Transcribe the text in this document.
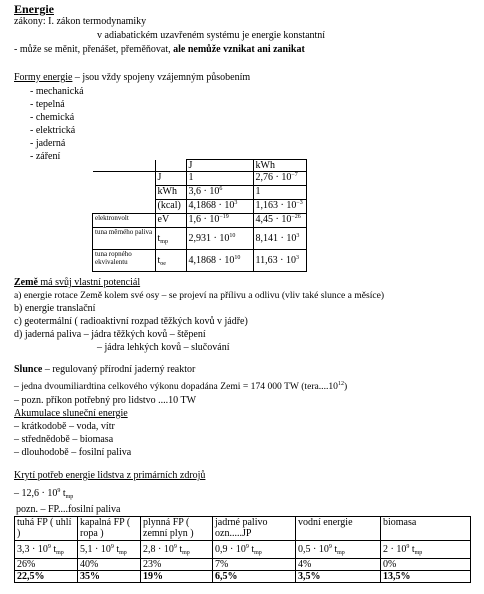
Energie
zákony: I. zákon termodynamiky
v adiabatickém uzavřeném systému je energie konstantní
- může se měnit, přenášet, přeměňovat, ale nemůže vznikat ani zanikat
Formy energie – jsou vždy spojeny vzájemným působením
- mechanická
- tepelná
- chemická
- elektrická
- jaderná
- záření
		J	kWh
	J	1	$2,76 \cdot 10^{-7}$
	kWh	$3,6 \cdot 10^6$	1
	(kcal)	$4,1868 \cdot 10^3$	$1,163 \cdot 10^{-3}$
elektronvolt	eV	$1,6 \cdot 10^{-19}$	$4,45 \cdot 10^{-26}$
tuna měrného paliva	$t_{mp}$	$2,931 \cdot 10^{10}$	$8,141 \cdot 10^3$
tuna ropného ekvivalentu	$t_{oe}$	$4,1868 \cdot 10^{10}$	$11,63 \cdot 10^3$
Země má svůj vlastní potenciál
a) energie rotace Země kolem své osy – se projeví na přílivu a odlivu (vliv také slunce a měsíce)
b) energie translační
c) geotermální ( radioaktivní rozpad těžkých kovů v jádře)
d) jaderná paliva – jádra těžkých kovů – štěpení
– jádra lehkých kovů – slučování
Slunce – regulovaný přírodní jaderný reaktor
– jedna dvoumiliardtina celkového výkonu dopadána Zemi = 174 000 TW (tera....10$^{12}$)
– pozn. příkon potřebný pro lidstvo ....10 TW
Akumulace sluneční energie
– krátkodobě – voda, vítr
– střednědobě – biomasa
– dlouhodobě – fosilní paliva
Krytí potřeb energie lidstva z primárních zdrojů
– $12,6 \cdot 10^9$ $t_{mp}$
pozn. – FP....fosilní paliva
tuhá FP ( uhlí )	kapalná FP ( ropa )	plynná FP ( zemní plyn )	jadrné palivo ozn.....JP	vodní energie	biomasa
$3,3 \cdot 10^9$ $t_{mp}$	$5,1 \cdot 10^9$ $t_{mp}$	$2,8 \cdot 10^9$ $t_{mp}$	$0,9 \cdot 10^9$ $t_{mp}$	$0,5 \cdot 10^9$ $t_{mp}$	$2 \cdot 10^9$ $t_{mp}$
26%	40%	23%	7%	4%	0%
22,5%	35%	19%	6,5%	3,5%	13,5%
